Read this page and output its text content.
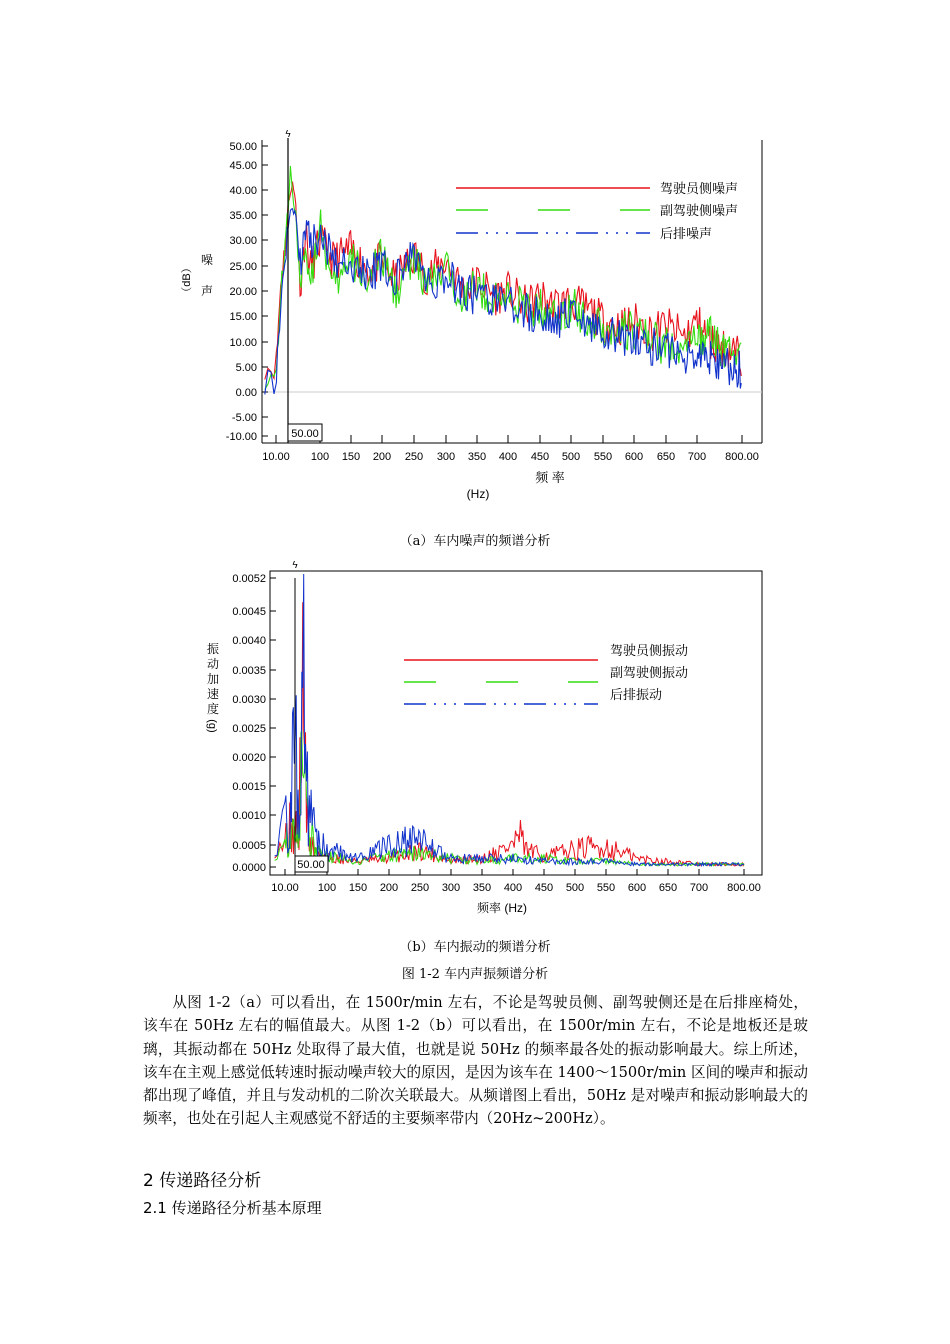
50.00
45.00
40.00
35.00
30.00
25.00
20.00
15.00
10.00
5.00
0.00
-5.00
-10.00
10.00 100 150 200 250 300 350 400 450 500 550 600 650 700 800.00
噪
声
（dB）
频 率
(Hz)
ϟ
50.00
驾驶员侧噪声
副驾驶侧噪声
后排噪声
（a）车内噪声的频谱分析
0.0052
0.0045
0.0040
0.0035
0.0030
0.0025
0.0020
0.0015
0.0010
0.0005
0.0000
10.00 100 150 200 250 300 350 400 450 500 550 600 650 700 800.00
振
动
加
速
度
(g)
频率 (Hz)
ϟ
50.00
驾驶员侧振动
副驾驶侧振动
后排振动
（b）车内振动的频谱分析
图 1-2 车内声振频谱分析

从图 1-2（a）可以看出，在 1500r/min 左右，不论是驾驶员侧、副驾驶侧还是在后排座椅处， 该车在 50Hz 左右的幅值最大。从图 1-2（b）可以看出，在 1500r/min 左右，不论是地板还是玻璃，其振动都在 50Hz 处取得了最大值，也就是说 50Hz 的频率最各处的振动影响最大。综上所述，该车在主观上感觉低转速时振动噪声较大的原因，是因为该车在 1400～1500r/min 区间的噪声和振动都出现了峰值，并且与发动机的二阶次关联最大。从频谱图上看出，50Hz 是对噪声和振动影响最大的频率，也处在引起人主观感觉不舒适的主要频率带内（20Hz~200Hz）。

2 传递路径分析
2.1 传递路径分析基本原理
